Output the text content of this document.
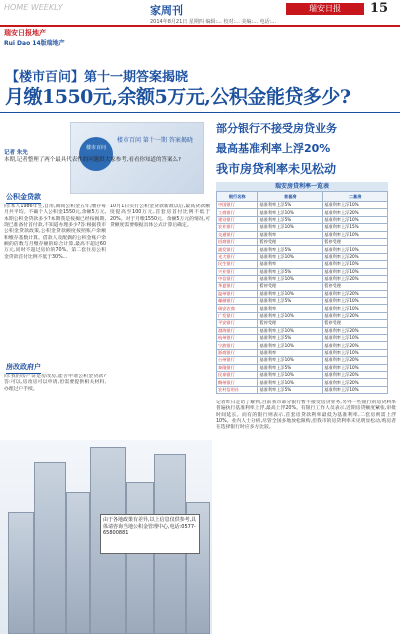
HOME WEEKLY	家周刊	瑞安日报	15
2014年8月21日 星期四 编辑:... 校对:... 美编:... 电话:...
瑞安日报地产
Rui Dao 14版瑞地产
【楼市百问】第十一期答案揭晓
月缴1550元,余额5万元,公积金能贷多少?
部分银行不接受房贷业务
最高基准利率上浮20%
我市房贷利率未见松动
楼市百问
楼市百问 第十一期 答案揭晓
记者 朱先
本期,记者整理了两个最具代表性的问题供大家参考,看看你知道的答案么?
公积金贷款
问:本人1986年生,自用,期间公积金五年,缴存每月共平均。不确个人公积金1550元,余额5万元,本期公积金贷款多少?本期我是按揭已经按揭期,现已准备付首付款,不知道办理多少?答:根据我市公积金贷款政策,公积金贷款额度按照账户余额和缴存基数计算。借款人及配偶的公积金账户余额的倍数与月缴存额的综合计算,最高不超过60万元,同时不超过房价的70%。第二套住房公积金贷款首付比例不低于30%...
10月1日实行公积金贷款新政以后,最高贷款额度提高至100万元,首套房首付比例不低于20%。对于月缴1550元、余额5万元的情况,可贷额度需要根据具体公式计算后确定。
房改政府户
问:我的房产证是房改房,能否申请公积金贷款?答:可以,房改房可以申请,但需要提供相关材料,办理过户手续。
瑞安房贷利率一览表
银行名称	首套房	二套房
中国银行	基准利率上浮5%	基准利率上浮10%
工商银行	基准利率上浮10%	基准利率上浮20%
建设银行	基准利率上浮5%	基准利率上浮10%
农业银行	基准利率上浮10%	基准利率上浮15%
交通银行	基准利率	基准利率上浮10%
招商银行	暂停受理	暂停受理
浦发银行	基准利率上浮5%	基准利率上浮10%
光大银行	基准利率上浮10%	基准利率上浮20%
民生银行	基准利率	基准利率上浮10%
兴业银行	基准利率上浮5%	基准利率上浮10%
中信银行	基准利率上浮10%	基准利率上浮20%
华夏银行	暂停受理	暂停受理
温州银行	基准利率上浮10%	基准利率上浮20%
邮储银行	基准利率上浮5%	基准利率上浮10%
瑞安农商	基准利率	基准利率上浮10%
广发银行	基准利率上浮10%	基准利率上浮20%
平安银行	暂停受理	暂停受理
渤海银行	基准利率上浮10%	基准利率上浮20%
杭州银行	基准利率上浮5%	基准利率上浮10%
宁波银行	基准利率上浮10%	基准利率上浮20%
浙商银行	基准利率	基准利率上浮10%
台州银行	基准利率上浮10%	基准利率上浮20%
泰隆银行	基准利率上浮5%	基准利率上浮10%
民泰银行	基准利率上浮10%	基准利率上浮20%
稠州银行	基准利率上浮10%	基准利率上浮20%
农村信用社	基准利率上浮5%	基准利率上浮10%
由于各地政策有差异,以上信息仅供参考,具体请咨询当地公积金管理中心,电话:0577-65800881
记者昨日走访了解到,目前我市部分银行暂不接受房贷业务,另外一些银行的房贷利率普遍执行基准利率上浮,最高上浮20%。有银行工作人员表示,近期房贷额度紧张,审批时间延长。而有的银行则表示,首套房贷款利率最低为基准利率,二套房则需上浮10%。业内人士分析,尽管全国多地放松限购,但我市的房贷利率未见明显松动,购房者在选择银行时应多方比较。
